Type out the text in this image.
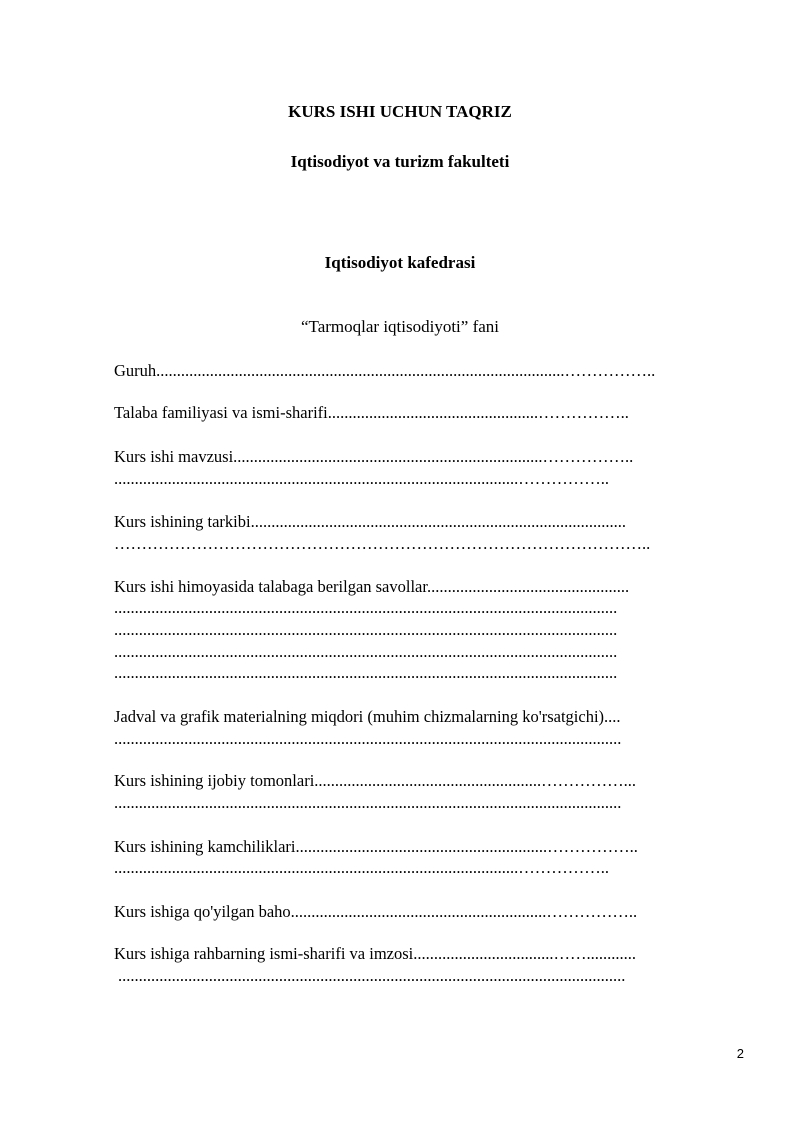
KURS ISHI UCHUN TAQRIZ
Iqtisodiyot va turizm fakulteti
Iqtisodiyot kafedrasi
“Tarmoqlar iqtisodiyoti” fani
Guruh...................................................................................................……………..
Talaba familiyasi va ismi-sharifi...................................................……………..
Kurs ishi mavzusi...........................................................................……………..
..................................................................................................……………..
Kurs ishining tarkibi...........................................................................................
……………………………………………………………………………………..
Kurs ishi himoyasida talabaga berilgan savollar.................................................
..........................................................................................................................
..........................................................................................................................
..........................................................................................................................
..........................................................................................................................
Jadval va grafik materialning miqdori (muhim chizmalarning ko'rsatgichi)....
...........................................................................................................................
Kurs ishining ijobiy tomonlari.......................................................……………...
...........................................................................................................................
Kurs ishining kamchiliklari.............................................................……………..
..................................................................................................……………..
Kurs ishiga qo'yilgan baho..............................................................……………..
Kurs ishiga rahbarning ismi-sharifi va imzosi..................................……............
...........................................................................................................................
2
